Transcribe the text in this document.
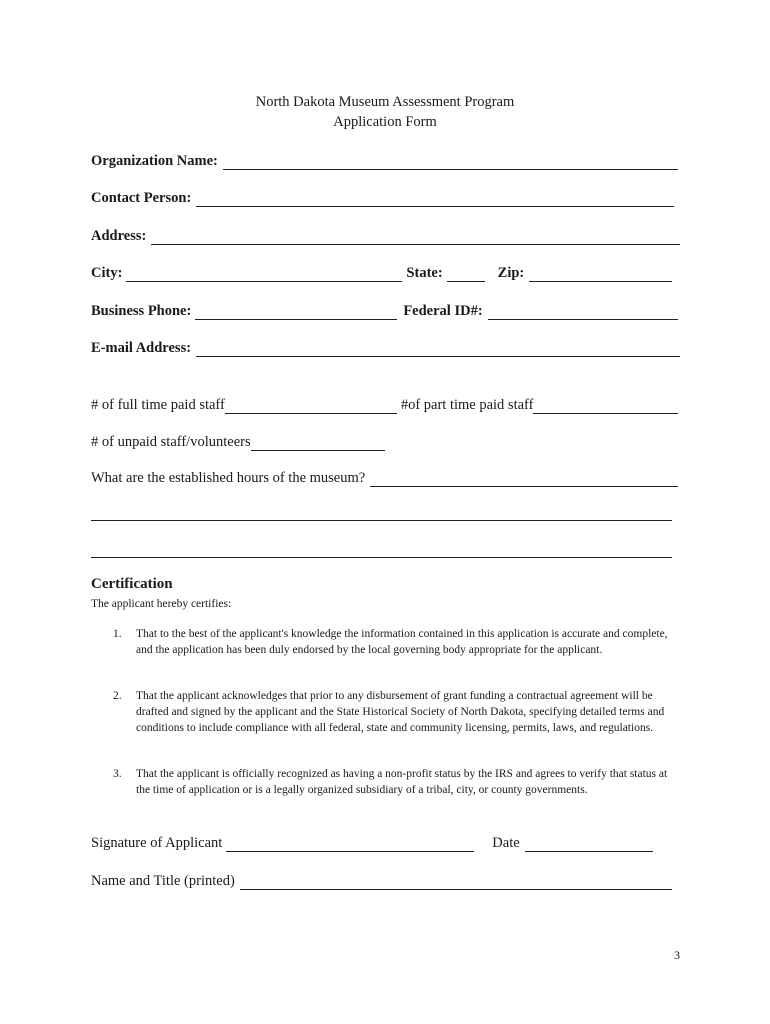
North Dakota Museum Assessment Program
Application Form
Organization Name:
Contact Person:
Address:
City:	State:	Zip:
Business Phone:	Federal ID#:
E-mail Address:
# of full time paid staff	#of part time paid staff
# of unpaid staff/volunteers
What are the established hours of the museum?
Certification
The applicant hereby certifies:
1.	That to the best of the applicant's knowledge the information contained in this application is accurate and complete, and the application has been duly endorsed by the local governing body appropriate for the applicant.
2.	That the applicant acknowledges that prior to any disbursement of grant funding a contractual agreement will be drafted and signed by the applicant and the State Historical Society of North Dakota, specifying detailed terms and conditions to include compliance with all federal, state and community licensing, permits, laws, and regulations.
3.	That the applicant is officially recognized as having a non-profit status by the IRS and agrees to verify that status at the time of application or is a legally organized subsidiary of a tribal, city, or county governments.
Signature of Applicant	Date
Name and Title (printed)
3
